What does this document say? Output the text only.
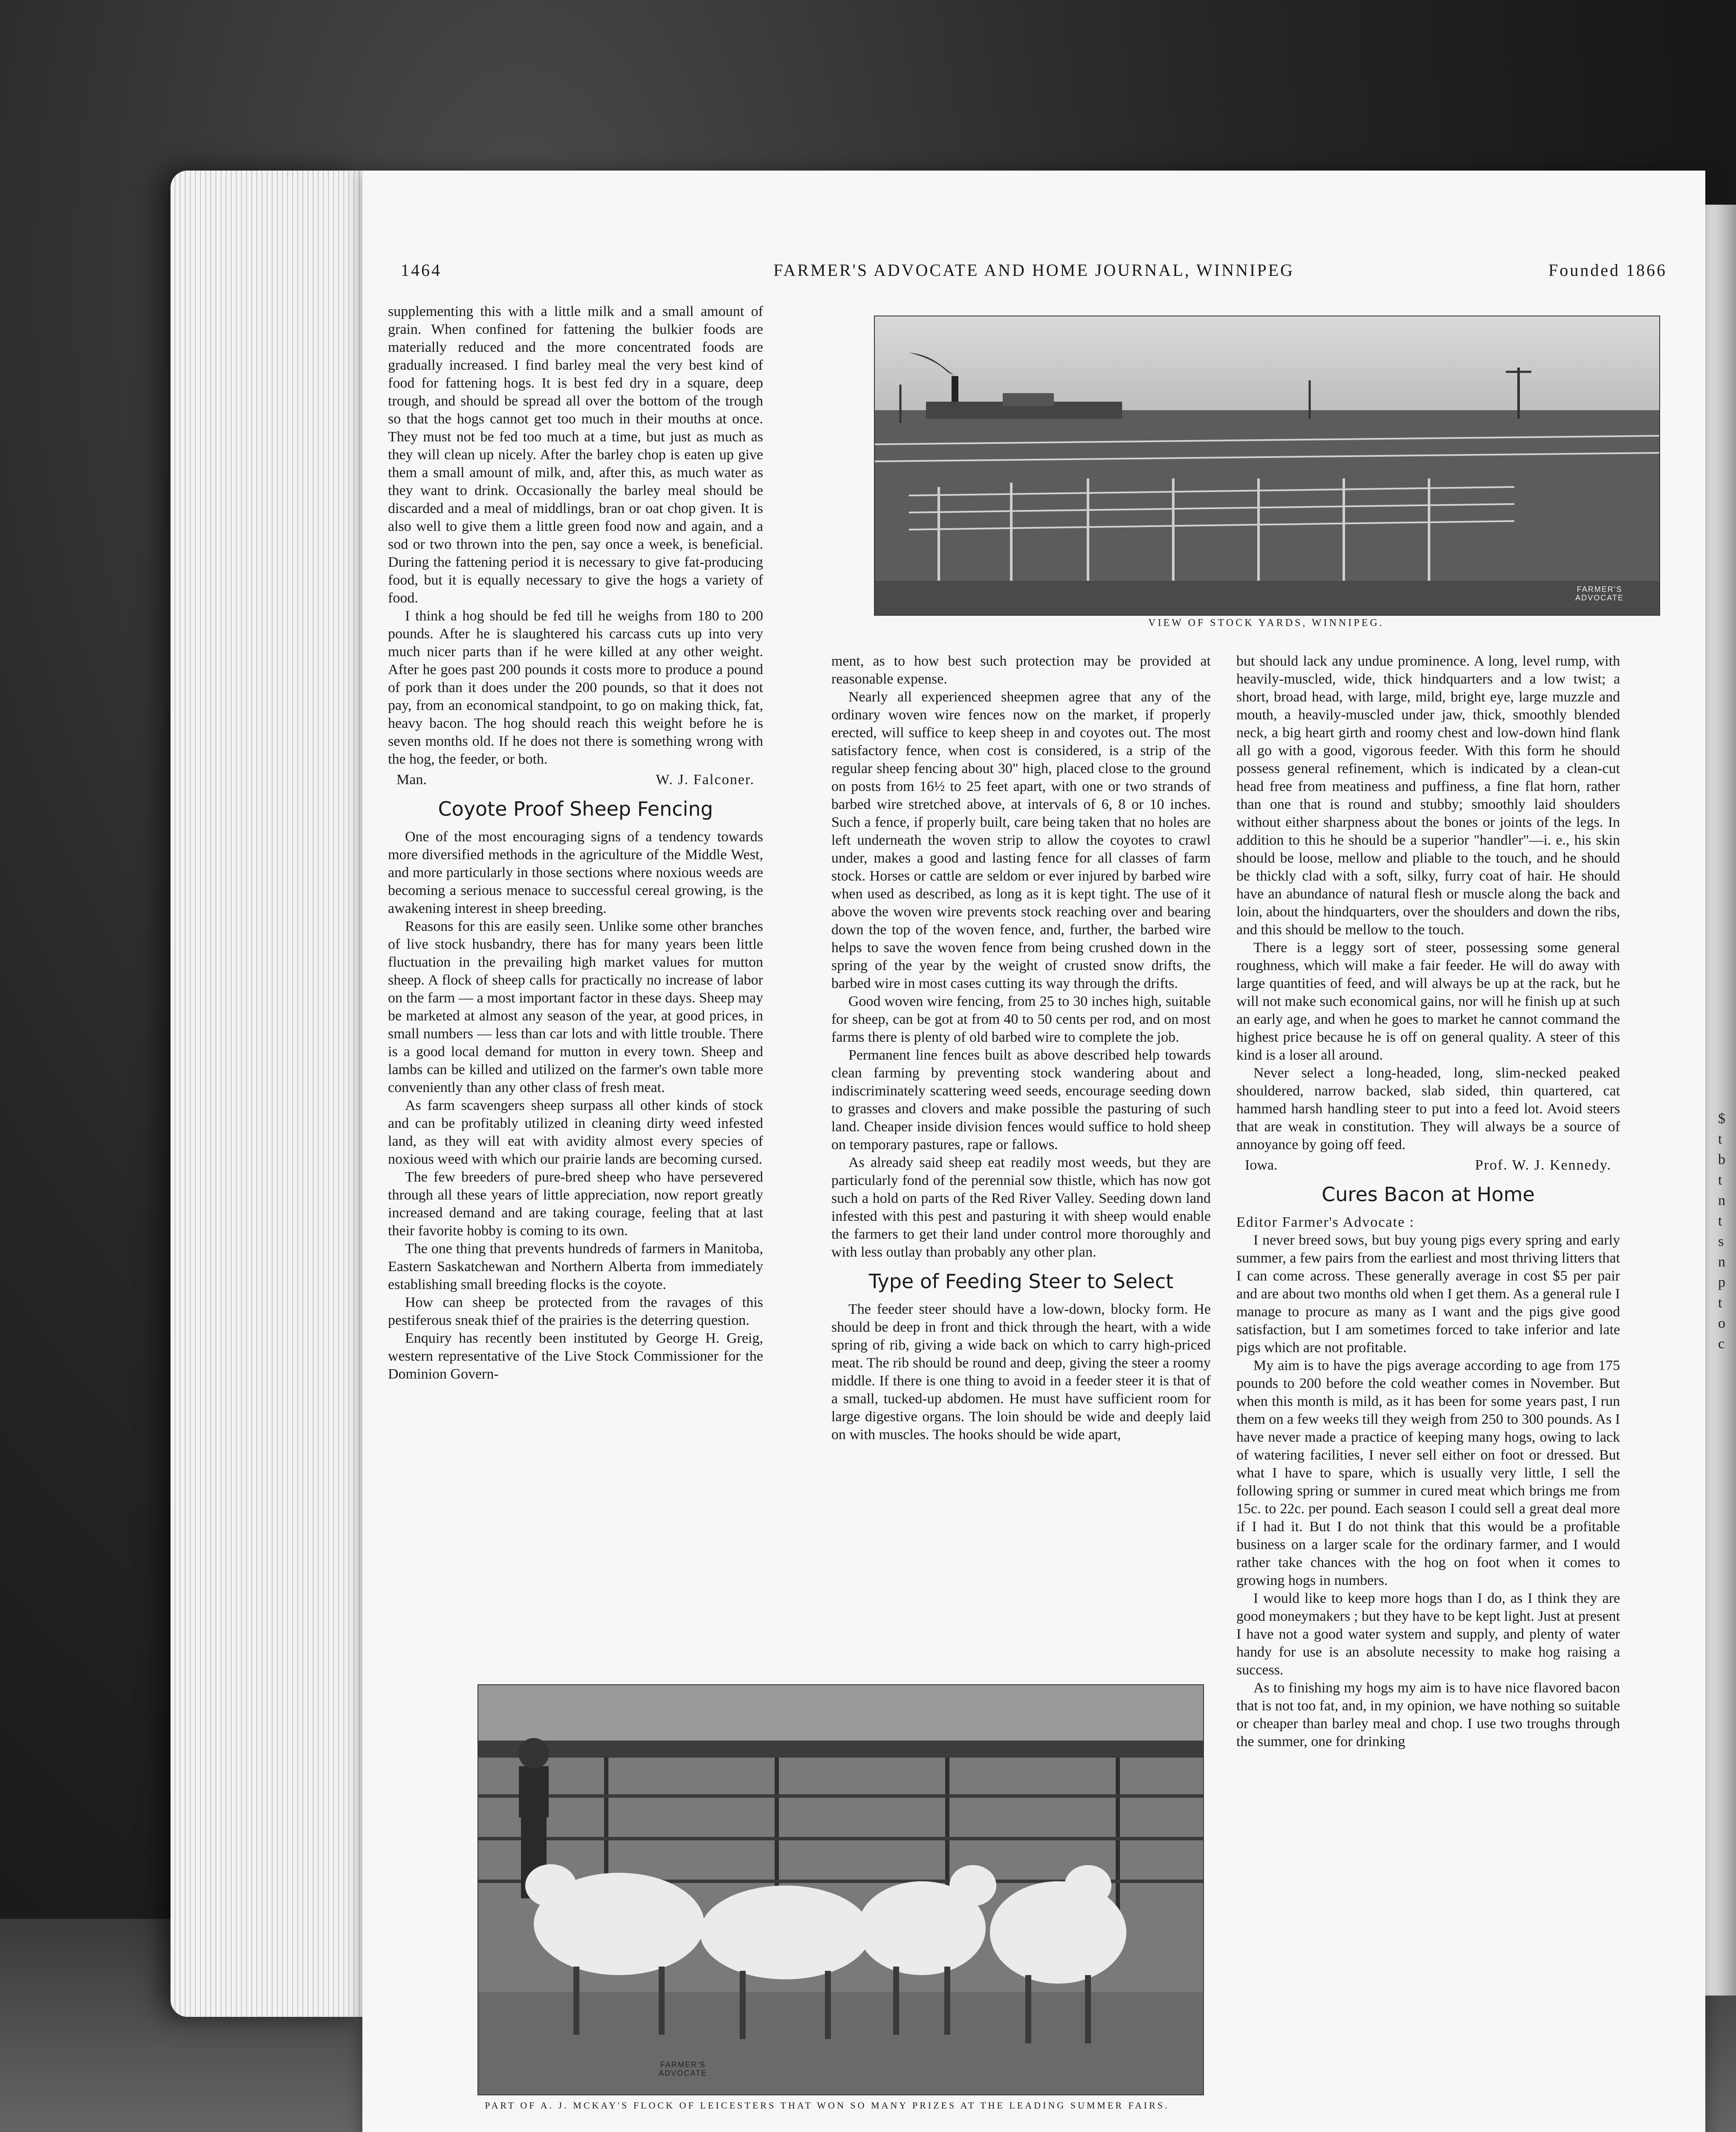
$
t
b
t
n
t
s
n
p
t
o
c
1464	FARMER'S ADVOCATE AND HOME JOURNAL, WINNIPEG	Founded 1866

supplementing this with a little milk and a small amount of grain. When confined for fattening the bulkier foods are materially reduced and the more concentrated foods are gradually increased. I find barley meal the very best kind of food for fattening hogs. It is best fed dry in a square, deep trough, and should be spread all over the bottom of the trough so that the hogs cannot get too much in their mouths at once. They must not be fed too much at a time, but just as much as they will clean up nicely. After the barley chop is eaten up give them a small amount of milk, and, after this, as much water as they want to drink. Occasionally the barley meal should be discarded and a meal of middlings, bran or oat chop given. It is also well to give them a little green food now and again, and a sod or two thrown into the pen, say once a week, is beneficial. During the fattening period it is necessary to give fat-producing food, but it is equally necessary to give the hogs a variety of food.

I think a hog should be fed till he weighs from 180 to 200 pounds. After he is slaughtered his carcass cuts up into very much nicer parts than if he were killed at any other weight. After he goes past 200 pounds it costs more to produce a pound of pork than it does under the 200 pounds, so that it does not pay, from an economical standpoint, to go on making thick, fat, heavy bacon. The hog should reach this weight before he is seven months old. If he does not there is something wrong with the hog, the feeder, or both.

Man.	W. J. Falconer.
Coyote Proof Sheep Fencing

One of the most encouraging signs of a tendency towards more diversified methods in the agriculture of the Middle West, and more particularly in those sections where noxious weeds are becoming a serious menace to successful cereal growing, is the awakening interest in sheep breeding.

Reasons for this are easily seen. Unlike some other branches of live stock husbandry, there has for many years been little fluctuation in the prevailing high market values for mutton sheep. A flock of sheep calls for practically no increase of labor on the farm — a most important factor in these days. Sheep may be marketed at almost any season of the year, at good prices, in small numbers — less than car lots and with little trouble. There is a good local demand for mutton in every town. Sheep and lambs can be killed and utilized on the farmer's own table more conveniently than any other class of fresh meat.

As farm scavengers sheep surpass all other kinds of stock and can be profitably utilized in cleaning dirty weed infested land, as they will eat with avidity almost every species of noxious weed with which our prairie lands are becoming cursed.

The few breeders of pure-bred sheep who have persevered through all these years of little appreciation, now report greatly increased demand and are taking courage, feeling that at last their favorite hobby is coming to its own.

The one thing that prevents hundreds of farmers in Manitoba, Eastern Saskatchewan and Northern Alberta from immediately establishing small breeding flocks is the coyote.

How can sheep be protected from the ravages of this pestiferous sneak thief of the prairies is the deterring question.

Enquiry has recently been instituted by George H. Greig, western representative of the Live Stock Commissioner for the Dominion Govern-

FARMER'S ADVOCATE
VIEW OF STOCK YARDS, WINNIPEG.

ment, as to how best such protection may be provided at reasonable expense.

Nearly all experienced sheepmen agree that any of the ordinary woven wire fences now on the market, if properly erected, will suffice to keep sheep in and coyotes out. The most satisfactory fence, when cost is considered, is a strip of the regular sheep fencing about 30" high, placed close to the ground on posts from 16½ to 25 feet apart, with one or two strands of barbed wire stretched above, at intervals of 6, 8 or 10 inches. Such a fence, if properly built, care being taken that no holes are left underneath the woven strip to allow the coyotes to crawl under, makes a good and lasting fence for all classes of farm stock. Horses or cattle are seldom or ever injured by barbed wire when used as described, as long as it is kept tight. The use of it above the woven wire prevents stock reaching over and bearing down the top of the woven fence, and, further, the barbed wire helps to save the woven fence from being crushed down in the spring of the year by the weight of crusted snow drifts, the barbed wire in most cases cutting its way through the drifts.

Good woven wire fencing, from 25 to 30 inches high, suitable for sheep, can be got at from 40 to 50 cents per rod, and on most farms there is plenty of old barbed wire to complete the job.

Permanent line fences built as above described help towards clean farming by preventing stock wandering about and indiscriminately scattering weed seeds, encourage seeding down to grasses and clovers and make possible the pasturing of such land. Cheaper inside division fences would suffice to hold sheep on temporary pastures, rape or fallows.

As already said sheep eat readily most weeds, but they are particularly fond of the perennial sow thistle, which has now got such a hold on parts of the Red River Valley. Seeding down land infested with this pest and pasturing it with sheep would enable the farmers to get their land under control more thoroughly and with less outlay than probably any other plan.

Type of Feeding Steer to Select

The feeder steer should have a low-down, blocky form. He should be deep in front and thick through the heart, with a wide spring of rib, giving a wide back on which to carry high-priced meat. The rib should be round and deep, giving the steer a roomy middle. If there is one thing to avoid in a feeder steer it is that of a small, tucked-up abdomen. He must have sufficient room for large digestive organs. The loin should be wide and deeply laid on with muscles. The hooks should be wide apart,

but should lack any undue prominence. A long, level rump, with heavily-muscled, wide, thick hindquarters and a low twist; a short, broad head, with large, mild, bright eye, large muzzle and mouth, a heavily-muscled under jaw, thick, smoothly blended neck, a big heart girth and roomy chest and low-down hind flank all go with a good, vigorous feeder. With this form he should possess general refinement, which is indicated by a clean-cut head free from meatiness and puffiness, a fine flat horn, rather than one that is round and stubby; smoothly laid shoulders without either sharpness about the bones or joints of the legs. In addition to this he should be a superior "handler"—i. e., his skin should be loose, mellow and pliable to the touch, and he should be thickly clad with a soft, silky, furry coat of hair. He should have an abundance of natural flesh or muscle along the back and loin, about the hindquarters, over the shoulders and down the ribs, and this should be mellow to the touch.

There is a leggy sort of steer, possessing some general roughness, which will make a fair feeder. He will do away with large quantities of feed, and will always be up at the rack, but he will not make such economical gains, nor will he finish up at such an early age, and when he goes to market he cannot command the highest price because he is off on general quality. A steer of this kind is a loser all around.

Never select a long-headed, long, slim-necked peaked shouldered, narrow backed, slab sided, thin quartered, cat hammed harsh handling steer to put into a feed lot. Avoid steers that are weak in constitution. They will always be a source of annoyance by going off feed.

Iowa.	Prof. W. J. Kennedy.
Cures Bacon at Home

Editor Farmer's Advocate :

I never breed sows, but buy young pigs every spring and early summer, a few pairs from the earliest and most thriving litters that I can come across. These generally average in cost $5 per pair and are about two months old when I get them. As a general rule I manage to procure as many as I want and the pigs give good satisfaction, but I am sometimes forced to take inferior and late pigs which are not profitable.

My aim is to have the pigs average according to age from 175 pounds to 200 before the cold weather comes in November. But when this month is mild, as it has been for some years past, I run them on a few weeks till they weigh from 250 to 300 pounds. As I have never made a practice of keeping many hogs, owing to lack of watering facilities, I never sell either on foot or dressed. But what I have to spare, which is usually very little, I sell the following spring or summer in cured meat which brings me from 15c. to 22c. per pound. Each season I could sell a great deal more if I had it. But I do not think that this would be a profitable business on a larger scale for the ordinary farmer, and I would rather take chances with the hog on foot when it comes to growing hogs in numbers.

I would like to keep more hogs than I do, as I think they are good moneymakers ; but they have to be kept light. Just at present I have not a good water system and supply, and plenty of water handy for use is an absolute necessity to make hog raising a success.

As to finishing my hogs my aim is to have nice flavored bacon that is not too fat, and, in my opinion, we have nothing so suitable or cheaper than barley meal and chop. I use two troughs through the summer, one for drinking

FARMER'S ADVOCATE
PART OF A. J. MCKAY'S FLOCK OF LEICESTERS THAT WON SO MANY PRIZES AT THE LEADING SUMMER FAIRS.
